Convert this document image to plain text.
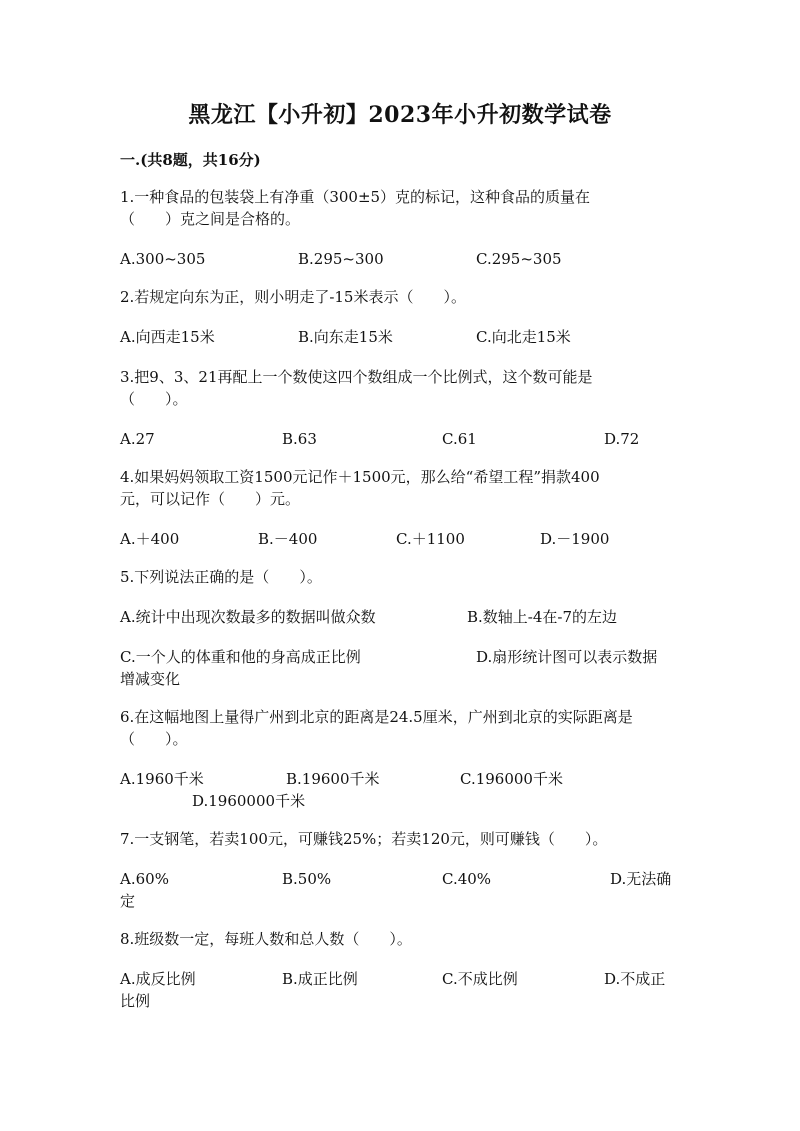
黑龙江【小升初】2023年小升初数学试卷
一.(共8题，共16分)
1.一种食品的包装袋上有净重（300±5）克的标记，这种食品的质量在
（　　）克之间是合格的。
A.300~305	B.295~300	C.295~305
2.若规定向东为正，则小明走了-15米表示（　　）。
A.向西走15米	B.向东走15米	C.向北走15米
3.把9、3、21再配上一个数使这四个数组成一个比例式，这个数可能是
（　　）。
A.27	B.63	C.61	D.72
4.如果妈妈领取工资1500元记作＋1500元，那么给“希望工程”捐款400
元，可以记作（　　）元。
A.＋400	B.－400	C.＋1100	D.－1900
5.下列说法正确的是（　　）。
A.统计中出现次数最多的数据叫做众数	B.数轴上-4在-7的左边
C.一个人的体重和他的身高成正比例	D.扇形统计图可以表示数据
增减变化
6.在这幅地图上量得广州到北京的距离是24.5厘米，广州到北京的实际距离是
（　　）。
A.1960千米	B.19600千米	C.196000千米
D.1960000千米
7.一支钢笔，若卖100元，可赚钱25%；若卖120元，则可赚钱（　　）。
A.60%	B.50%	C.40%	D.无法确
定
8.班级数一定，每班人数和总人数（　　）。
A.成反比例	B.成正比例	C.不成比例	D.不成正
比例
